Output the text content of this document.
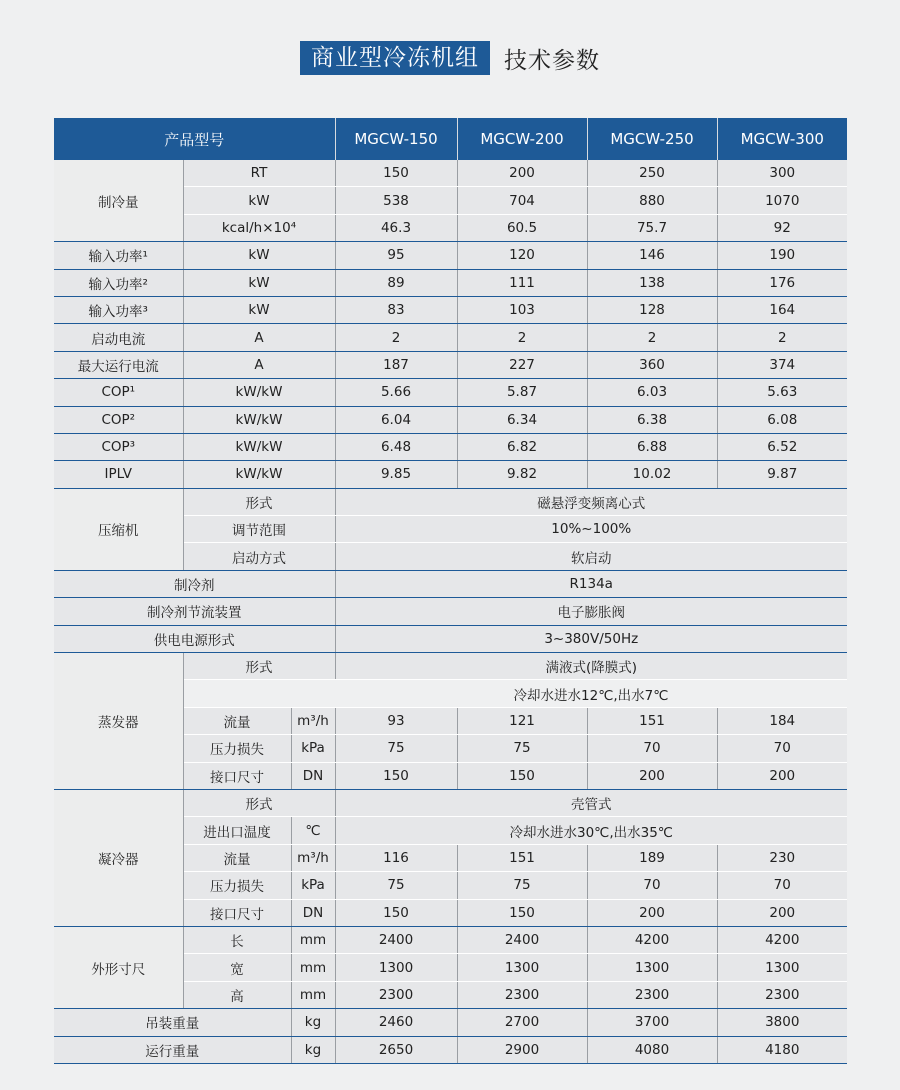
商业型冷冻机组	技术参数
产品型号			MGCW-150	MGCW-200	MGCW-250	MGCW-300
制冷量	RT		150	200	250	300
	kW		538	704	880	1070
	kcal/h×10⁴		46.3	60.5	75.7	92
输入功率¹	kW		95	120	146	190
输入功率²	kW		89	111	138	176
输入功率³	kW		83	103	128	164
启动电流	A		2	2	2	2
最大运行电流	A		187	227	360	374
COP¹	kW/kW		5.66	5.87	6.03	5.63
COP²	kW/kW		6.04	6.34	6.38	6.08
COP³	kW/kW		6.48	6.82	6.88	6.52
IPLV	kW/kW		9.85	9.82	10.02	9.87
压缩机	形式		磁悬浮变频离心式			
	调节范围		10%~100%			
	启动方式		软启动			
制冷剂			R134a			
制冷剂节流装置			电子膨胀阀			
供电电源形式			3~380V/50Hz			
蒸发器	形式		满液式(降膜式)			
			冷却水进水12℃,出水7℃			
	流量	m³/h	93	121	151	184
	压力损失	kPa	75	75	70	70
	接口尺寸	DN	150	150	200	200
凝冷器	形式		壳管式			
	进出口温度	℃	冷却水进水30℃,出水35℃			
	流量	m³/h	116	151	189	230
	压力损失	kPa	75	75	70	70
	接口尺寸	DN	150	150	200	200
外形寸尺	长	mm	2400	2400	4200	4200
	宽	mm	1300	1300	1300	1300
	高	mm	2300	2300	2300	2300
吊装重量		kg	2460	2700	3700	3800
运行重量		kg	2650	2900	4080	4180
